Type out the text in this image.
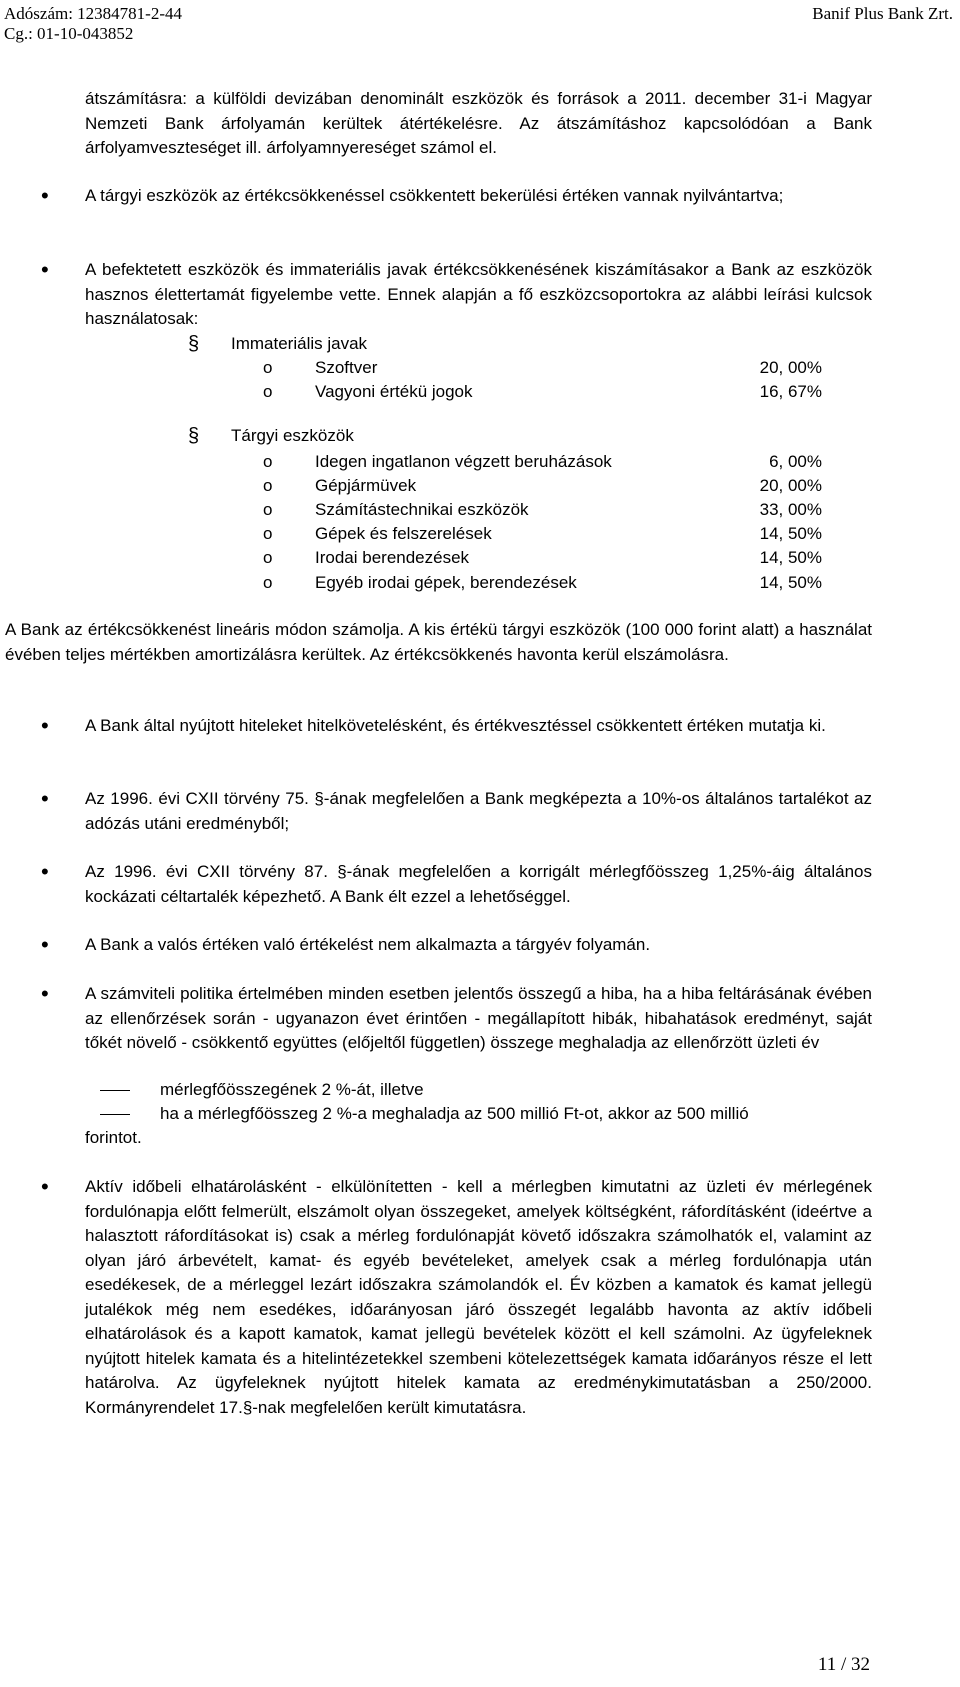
Adószám: 12384781-2-44
Cg.: 01-10-043852
Banif Plus Bank Zrt.

átszámításra: a külföldi devizában denominált eszközök és források a 2011. december 31-i Magyar Nemzeti Bank árfolyamán kerültek átértékelésre. Az átszámításhoz kapcsolódóan a Bank árfolyamveszteséget ill. árfolyamnyereséget számol el.

• A tárgyi eszközök az értékcsökkenéssel csökkentett bekerülési értéken vannak nyilvántartva;

• A befektetett eszközök és immateriális javak értékcsökkenésének kiszámításakor a Bank az eszközök hasznos élettertamát figyelembe vette. Ennek alapján a fő eszközcsoportokra az alábbi leírási kulcsok használatosak:

§ Immateriális javak
o	Szoftver	20, 00%
o	Vagyoni értékü jogok	16, 67%
§ Tárgyi eszközök
o	Idegen ingatlanon végzett beruházások	6, 00%
o	Gépjármüvek	20, 00%
o	Számítástechnikai eszközök	33, 00%
o	Gépek és felszerelések	14, 50%
o	Irodai berendezések	14, 50%
o	Egyéb irodai gépek, berendezések	14, 50%

A Bank az értékcsökkenést lineáris módon számolja. A kis értékü tárgyi eszközök (100 000 forint alatt) a használat évében teljes mértékben amortizálásra kerültek. Az értékcsökkenés havonta kerül elszámolásra.

• A Bank által nyújtott hiteleket hitelkövetelésként, és értékvesztéssel csökkentett értéken mutatja ki.

• Az 1996. évi CXII törvény 75. §-ának megfelelően a Bank megképezta a 10%-os általános tartalékot az adózás utáni eredményből;

• Az 1996. évi CXII törvény 87. §-ának megfelelően a korrigált mérlegfőösszeg 1,25%-áig általános kockázati céltartalék képezhető. A Bank élt ezzel a lehetőséggel.

• A Bank a valós értéken való értékelést nem alkalmazta a tárgyév folyamán.

• A számviteli politika értelmében minden esetben jelentős összegű a hiba, ha a hiba feltárásának évében az ellenőrzések során - ugyanazon évet érintően - megállapított hibák, hibahatások eredményt, saját tőkét növelő - csökkentő együttes (előjeltől független) összege meghaladja az ellenőrzött üzleti év

mérlegfőösszegének 2 %-át, illetve
ha a mérlegfőösszeg 2 %-a meghaladja az 500 millió Ft-ot, akkor az 500 millió
forintot.
• Aktív időbeli elhatárolásként - elkülönítetten - kell a mérlegben kimutatni az üzleti év mérlegének fordulónapja előtt felmerült, elszámolt olyan összegeket, amelyek költségként, ráfordításként (ideértve a halasztott ráfordításokat is) csak a mérleg fordulónapját követő időszakra számolhatók el, valamint az olyan járó árbevételt, kamat- és egyéb bevételeket, amelyek csak a mérleg fordulónapja után esedékesek, de a mérleggel lezárt időszakra számolandók el. Év közben a kamatok és kamat jellegü jutalékok még nem esedékes, időarányosan járó összegét legalább havonta az aktív időbeli elhatárolások és a kapott kamatok, kamat jellegü bevételek között el kell számolni. Az ügyfeleknek nyújtott hitelek kamata és a hitelintézetekkel szembeni kötelezettségek kamata időarányos része el lett határolva. Az ügyfeleknek nyújtott hitelek kamata az eredménykimutatásban a 250/2000. Kormányrendelet 17.§-nak megfelelően került kimutatásra.

11 / 32
